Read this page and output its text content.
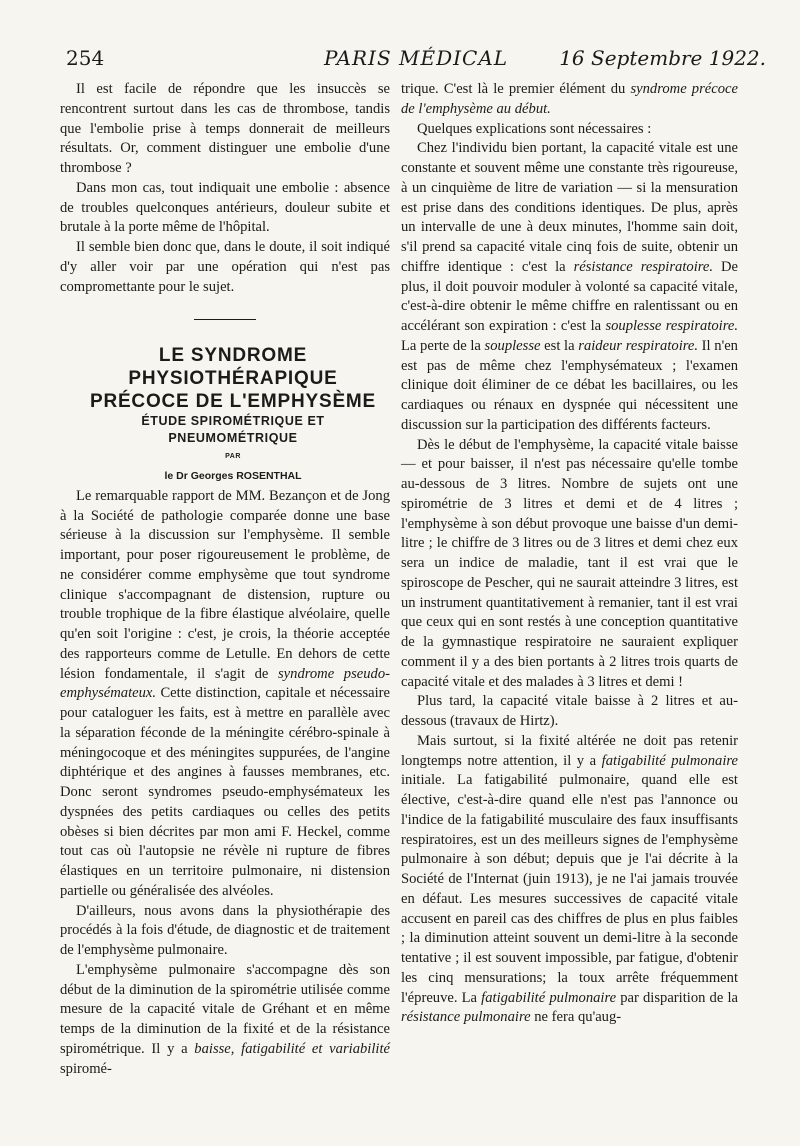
254	PARIS MÉDICAL	16 Septembre 1922.

Il est facile de répondre que les insuccès se rencontrent surtout dans les cas de thrombose, tandis que l'embolie prise à temps donnerait de meilleurs résultats. Or, comment distinguer une embolie d'une thrombose ?

Dans mon cas, tout indiquait une embolie : absence de troubles quelconques antérieurs, douleur subite et brutale à la porte même de l'hôpital.

Il semble bien donc que, dans le doute, il soit indiqué d'y aller voir par une opération qui n'est pas compromettante pour le sujet.

LE SYNDROME

PHYSIOTHÉRAPIQUE

PRÉCOCE DE L'EMPHYSÈME

ÉTUDE SPIROMÉTRIQUE ET

PNEUMOMÉTRIQUE

PAR

le Dr Georges ROSENTHAL

Le remarquable rapport de MM. Bezançon et de Jong à la Société de pathologie comparée donne une base sérieuse à la discussion sur l'emphysème. Il semble important, pour poser rigoureusement le problème, de ne considérer comme emphysème que tout syndrome clinique s'accompagnant de distension, rupture ou trouble trophique de la fibre élastique alvéolaire, quelle qu'en soit l'origine : c'est, je crois, la théorie acceptée des rapporteurs comme de Letulle. En dehors de cette lésion fondamentale, il s'agit de syndrome pseudo-emphysémateux. Cette distinction, capitale et nécessaire pour cataloguer les faits, est à mettre en parallèle avec la séparation féconde de la méningite cérébro-spinale à méningocoque et des méningites suppurées, de l'angine diphtérique et des angines à fausses membranes, etc. Donc seront syndromes pseudo-emphysémateux les dyspnées des petits cardiaques ou celles des petits obèses si bien décrites par mon ami F. Heckel, comme tout cas où l'autopsie ne révèle ni rupture de fibres élastiques en un territoire pulmonaire, ni distension partielle ou généralisée des alvéoles.

D'ailleurs, nous avons dans la physiothérapie des procédés à la fois d'étude, de diagnostic et de traitement de l'emphysème pulmonaire.

L'emphysème pulmonaire s'accompagne dès son début de la diminution de la spirométrie utilisée comme mesure de la capacité vitale de Gréhant et en même temps de la diminution de la fixité et de la résistance spirométrique. Il y a baisse, fatigabilité et variabilité spiromé-

trique. C'est là le premier élément du syndrome précoce de l'emphysème au début.

Quelques explications sont nécessaires :

Chez l'individu bien portant, la capacité vitale est une constante et souvent même une constante très rigoureuse, à un cinquième de litre de variation — si la mensuration est prise dans des conditions identiques. De plus, après un intervalle de une à deux minutes, l'homme sain doit, s'il prend sa capacité vitale cinq fois de suite, obtenir un chiffre identique : c'est la résistance respiratoire. De plus, il doit pouvoir moduler à volonté sa capacité vitale, c'est-à-dire obtenir le même chiffre en ralentissant ou en accélérant son expiration : c'est la souplesse respiratoire. La perte de la souplesse est la raideur respiratoire. Il n'en est pas de même chez l'emphysémateux ; l'examen clinique doit éliminer de ce débat les bacillaires, ou les cardiaques ou rénaux en dyspnée qui nécessitent une discussion sur la participation des différents facteurs.

Dès le début de l'emphysème, la capacité vitale baisse — et pour baisser, il n'est pas nécessaire qu'elle tombe au-dessous de 3 litres. Nombre de sujets ont une spirométrie de 3 litres et demi et de 4 litres ; l'emphysème à son début provoque une baisse d'un demi-litre ; le chiffre de 3 litres ou de 3 litres et demi chez eux sera un indice de maladie, tant il est vrai que le spiroscope de Pescher, qui ne saurait atteindre 3 litres, est un instrument quantitativement à remanier, tant il est vrai que ceux qui en sont restés à une conception quantitative de la gymnastique respiratoire ne sauraient expliquer comment il y a des bien portants à 2 litres trois quarts de capacité vitale et des malades à 3 litres et demi !

Plus tard, la capacité vitale baisse à 2 litres et au-dessous (travaux de Hirtz).

Mais surtout, si la fixité altérée ne doit pas retenir longtemps notre attention, il y a fatigabilité pulmonaire initiale. La fatigabilité pulmonaire, quand elle est élective, c'est-à-dire quand elle n'est pas l'annonce ou l'indice de la fatigabilité musculaire des faux insuffisants respiratoires, est un des meilleurs signes de l'emphysème pulmonaire à son début; depuis que je l'ai décrite à la Société de l'Internat (juin 1913), je ne l'ai jamais trouvée en défaut. Les mesures successives de capacité vitale accusent en pareil cas des chiffres de plus en plus faibles ; la diminution atteint souvent un demi-litre à la seconde tentative ; il est souvent impossible, par fatigue, d'obtenir les cinq mensurations; la toux arrête fréquemment l'épreuve. La fatigabilité pulmonaire par disparition de la résistance pulmonaire ne fera qu'aug-
